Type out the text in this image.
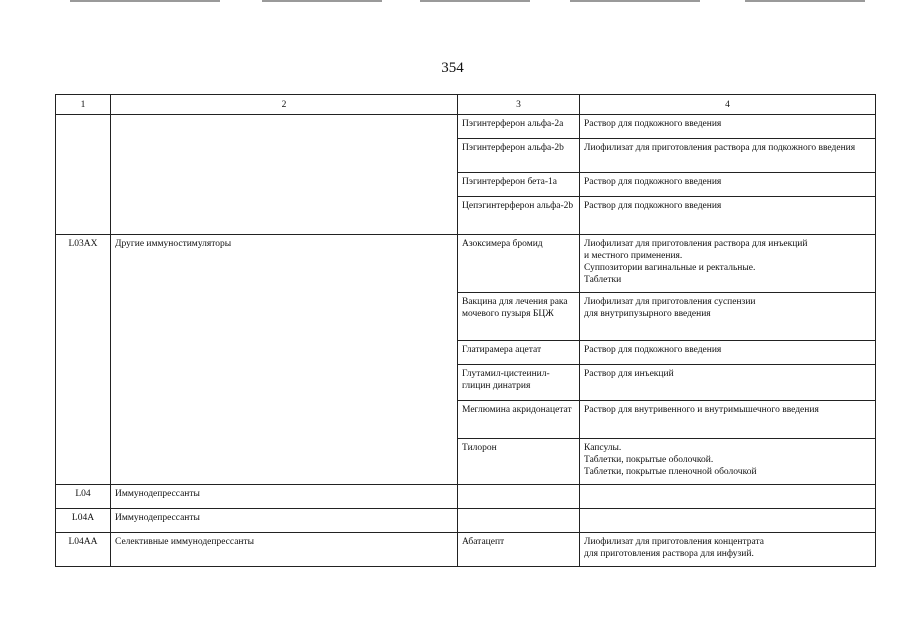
354
1	2	3	4
		Пэгинтерферон альфа-2а	Раствор для подкожного введения

		Пэгинтерферон альфа-2b	Лиофилизат для приготовления раствора для подкожного введения

		Пэгинтерферон бета-1а	Раствор для подкожного введения

		Цепэгинтерферон альфа-2b	Раствор для подкожного введения

L03AX	Другие иммуностимуляторы	Азоксимера бромид	Лиофилизат для приготовления раствора для инъекций
и местного применения.
Суппозитории вагинальные и ректальные.
Таблетки

		Вакцина для лечения рака мочевого пузыря БЦЖ	Лиофилизат для приготовления суспензии
для внутрипузырного введения

		Глатирамера ацетат	Раствор для подкожного введения

		Глутамил-цистеинил-глицин динатрия	Раствор для инъекций

		Меглюмина акридонацетат	Раствор для внутривенного и внутримышечного введения

		Тилорон	Капсулы.
Таблетки, покрытые оболочкой.
Таблетки, покрытые пленочной оболочкой

L04	Иммунодепрессанты		
L04A	Иммунодепрессанты		
L04AA	Селективные иммунодепрессанты	Абатацепт	Лиофилизат для приготовления концентрата
для приготовления раствора для инфузий.
